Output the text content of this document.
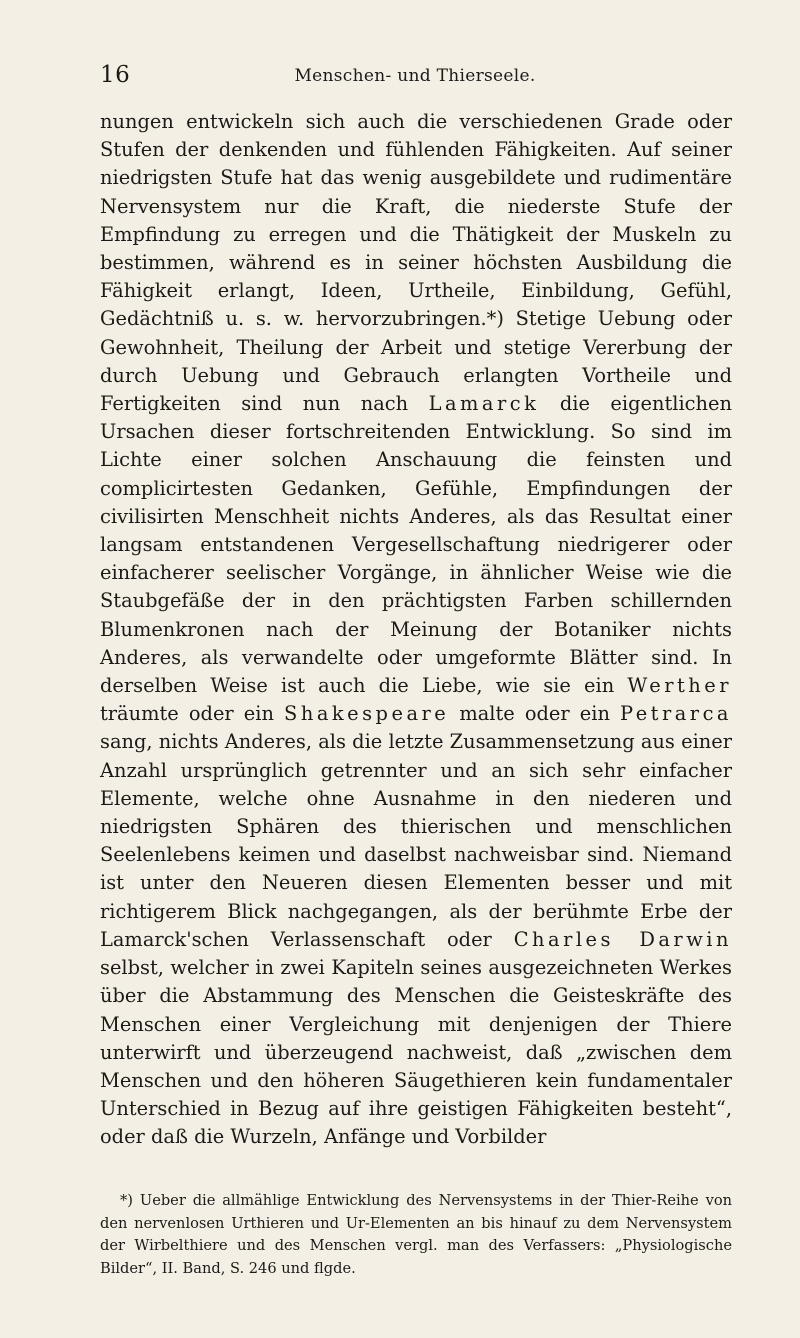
16	Menschen- und Thierseele.

nungen entwickeln sich auch die verschiedenen Grade oder Stufen der denkenden und fühlenden Fähigkeiten. Auf seiner niedrigsten Stufe hat das wenig ausgebildete und rudimentäre Nervensystem nur die Kraft, die niederste Stufe der Empfindung zu erregen und die Thätigkeit der Muskeln zu bestimmen, während es in seiner höchsten Ausbildung die Fähigkeit erlangt, Ideen, Urtheile, Einbildung, Gefühl, Gedächtniß u. s. w. hervorzubringen.*) Stetige Uebung oder Gewohnheit, Theilung der Arbeit und stetige Vererbung der durch Uebung und Gebrauch erlangten Vortheile und Fertigkeiten sind nun nach Lamarck die eigentlichen Ursachen dieser fortschreitenden Entwicklung. So sind im Lichte einer solchen Anschauung die feinsten und complicirtesten Gedanken, Gefühle, Empfindungen der civilisirten Menschheit nichts Anderes, als das Resultat einer langsam entstandenen Vergesellschaftung niedrigerer oder einfacherer seelischer Vorgänge, in ähnlicher Weise wie die Staubgefäße der in den prächtigsten Farben schillernden Blumenkronen nach der Meinung der Botaniker nichts Anderes, als verwandelte oder umgeformte Blätter sind. In derselben Weise ist auch die Liebe, wie sie ein Werther träumte oder ein Shakespeare malte oder ein Petrarca sang, nichts Anderes, als die letzte Zusammensetzung aus einer Anzahl ursprünglich getrennter und an sich sehr einfacher Elemente, welche ohne Ausnahme in den niederen und niedrigsten Sphären des thierischen und menschlichen Seelenlebens keimen und daselbst nachweisbar sind. Niemand ist unter den Neueren diesen Elementen besser und mit richtigerem Blick nachgegangen, als der berühmte Erbe der Lamarck'schen Verlassenschaft oder Charles Darwin selbst, welcher in zwei Kapiteln seines ausgezeichneten Werkes über die Abstammung des Menschen die Geisteskräfte des Menschen einer Vergleichung mit denjenigen der Thiere unterwirft und überzeugend nachweist, daß „zwischen dem Menschen und den höheren Säugethieren kein fundamentaler Unterschied in Bezug auf ihre geistigen Fähigkeiten besteht“, oder daß die Wurzeln, Anfänge und Vorbilder

*) Ueber die allmählige Entwicklung des Nervensystems in der Thier-Reihe von den nervenlosen Urthieren und Ur-Elementen an bis hinauf zu dem Nervensystem der Wirbelthiere und des Menschen vergl. man des Verfassers: „Physiologische Bilder“, II. Band, S. 246 und flgde.
